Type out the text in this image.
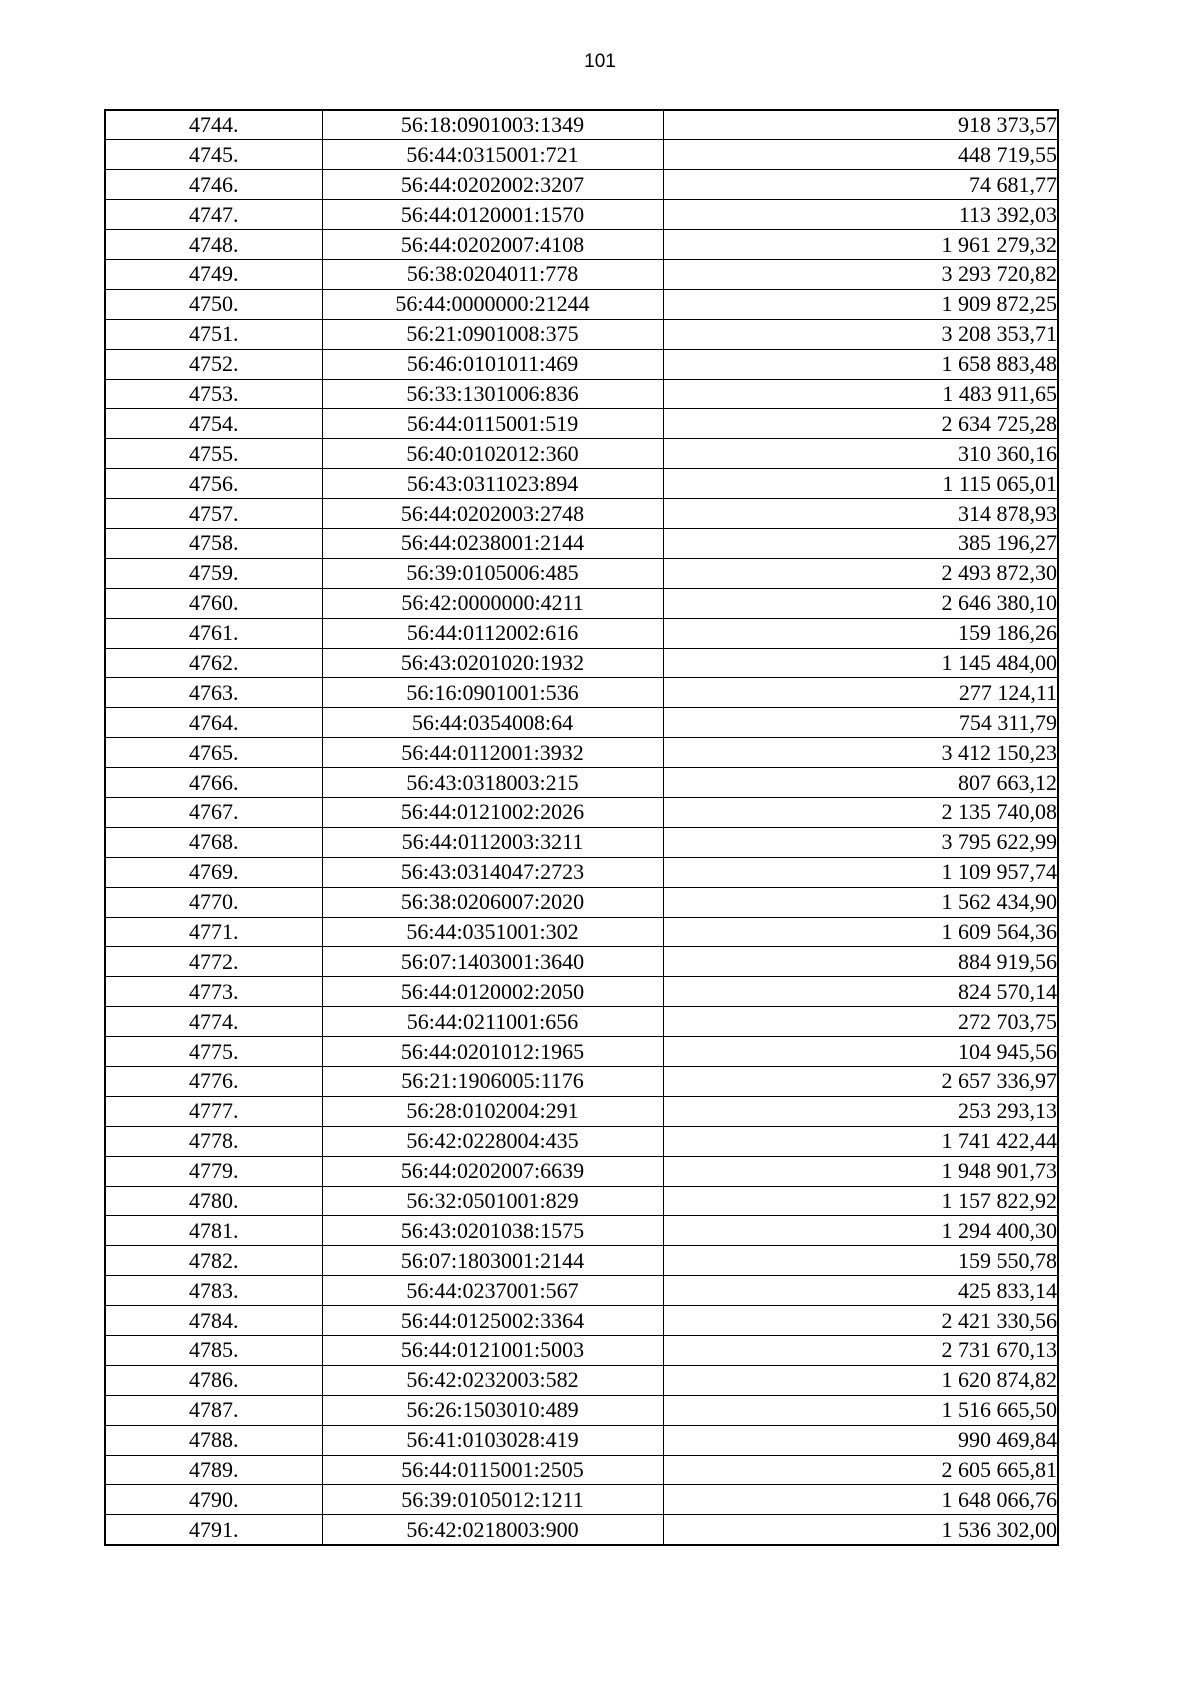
101
4744.	56:18:0901003:1349	918 373,57
4745.	56:44:0315001:721	448 719,55
4746.	56:44:0202002:3207	74 681,77
4747.	56:44:0120001:1570	113 392,03
4748.	56:44:0202007:4108	1 961 279,32
4749.	56:38:0204011:778	3 293 720,82
4750.	56:44:0000000:21244	1 909 872,25
4751.	56:21:0901008:375	3 208 353,71
4752.	56:46:0101011:469	1 658 883,48
4753.	56:33:1301006:836	1 483 911,65
4754.	56:44:0115001:519	2 634 725,28
4755.	56:40:0102012:360	310 360,16
4756.	56:43:0311023:894	1 115 065,01
4757.	56:44:0202003:2748	314 878,93
4758.	56:44:0238001:2144	385 196,27
4759.	56:39:0105006:485	2 493 872,30
4760.	56:42:0000000:4211	2 646 380,10
4761.	56:44:0112002:616	159 186,26
4762.	56:43:0201020:1932	1 145 484,00
4763.	56:16:0901001:536	277 124,11
4764.	56:44:0354008:64	754 311,79
4765.	56:44:0112001:3932	3 412 150,23
4766.	56:43:0318003:215	807 663,12
4767.	56:44:0121002:2026	2 135 740,08
4768.	56:44:0112003:3211	3 795 622,99
4769.	56:43:0314047:2723	1 109 957,74
4770.	56:38:0206007:2020	1 562 434,90
4771.	56:44:0351001:302	1 609 564,36
4772.	56:07:1403001:3640	884 919,56
4773.	56:44:0120002:2050	824 570,14
4774.	56:44:0211001:656	272 703,75
4775.	56:44:0201012:1965	104 945,56
4776.	56:21:1906005:1176	2 657 336,97
4777.	56:28:0102004:291	253 293,13
4778.	56:42:0228004:435	1 741 422,44
4779.	56:44:0202007:6639	1 948 901,73
4780.	56:32:0501001:829	1 157 822,92
4781.	56:43:0201038:1575	1 294 400,30
4782.	56:07:1803001:2144	159 550,78
4783.	56:44:0237001:567	425 833,14
4784.	56:44:0125002:3364	2 421 330,56
4785.	56:44:0121001:5003	2 731 670,13
4786.	56:42:0232003:582	1 620 874,82
4787.	56:26:1503010:489	1 516 665,50
4788.	56:41:0103028:419	990 469,84
4789.	56:44:0115001:2505	2 605 665,81
4790.	56:39:0105012:1211	1 648 066,76
4791.	56:42:0218003:900	1 536 302,00
